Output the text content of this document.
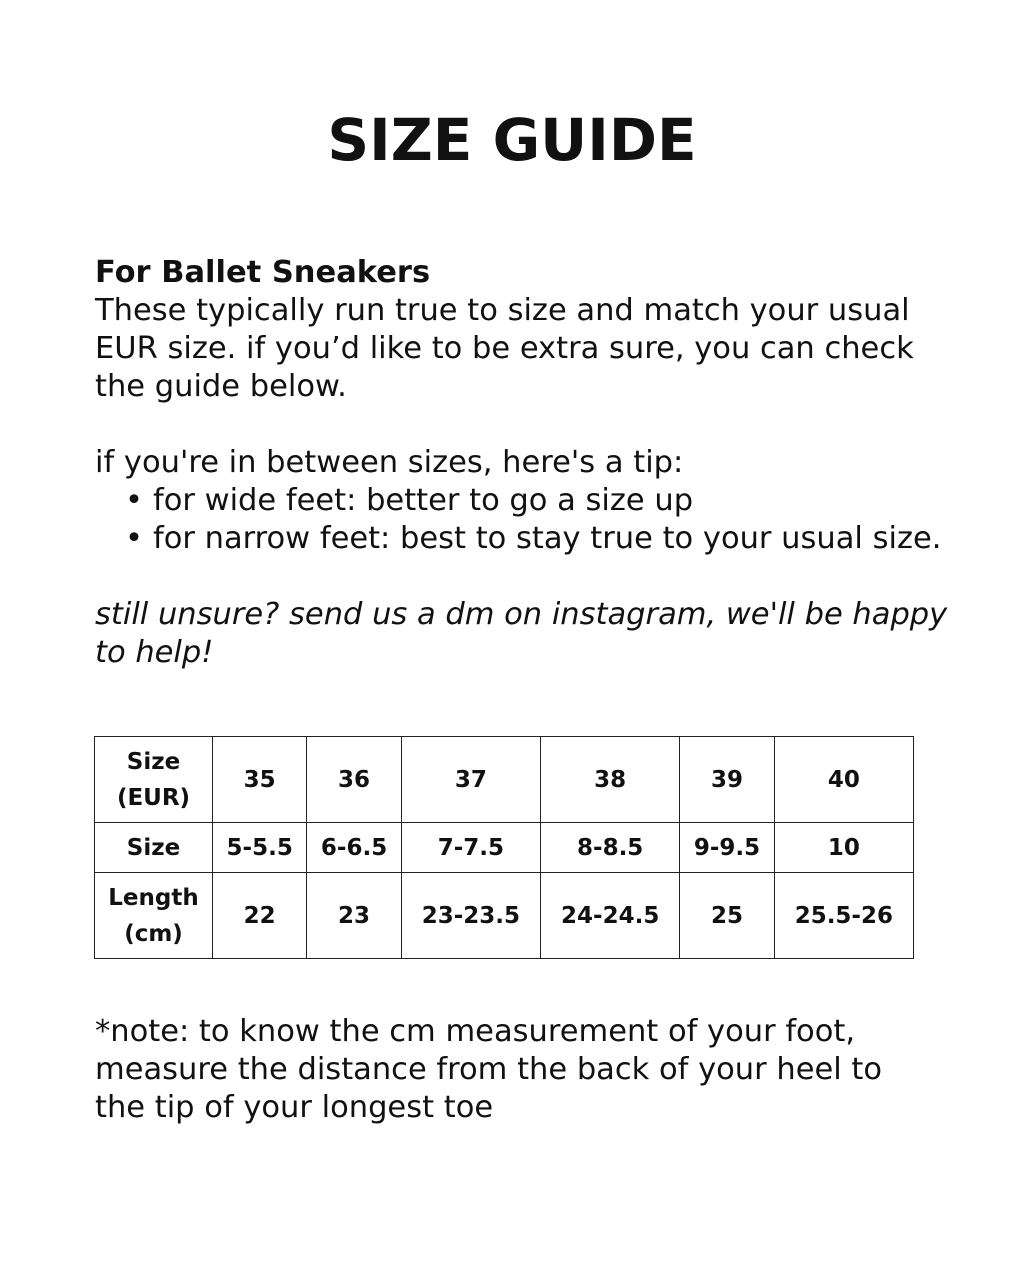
SIZE GUIDE

For Ballet Sneakers

These typically run true to size and match your usual

EUR size. if you’d like to be extra sure, you can check

the guide below.

if you're in between sizes, here's a tip:

• for wide feet: better to go a size up
• for narrow feet: best to stay true to your usual size.

still unsure? send us a dm on instagram, we'll be happy

to help!

Size
(EUR)	35	36	37	38	39	40
Size	5-5.5	6-6.5	7-7.5	8-8.5	9-9.5	10
Length
(cm)	22	23	23-23.5	24-24.5	25	25.5-26

*note: to know the cm measurement of your foot,

measure the distance from the back of your heel to

the tip of your longest toe
